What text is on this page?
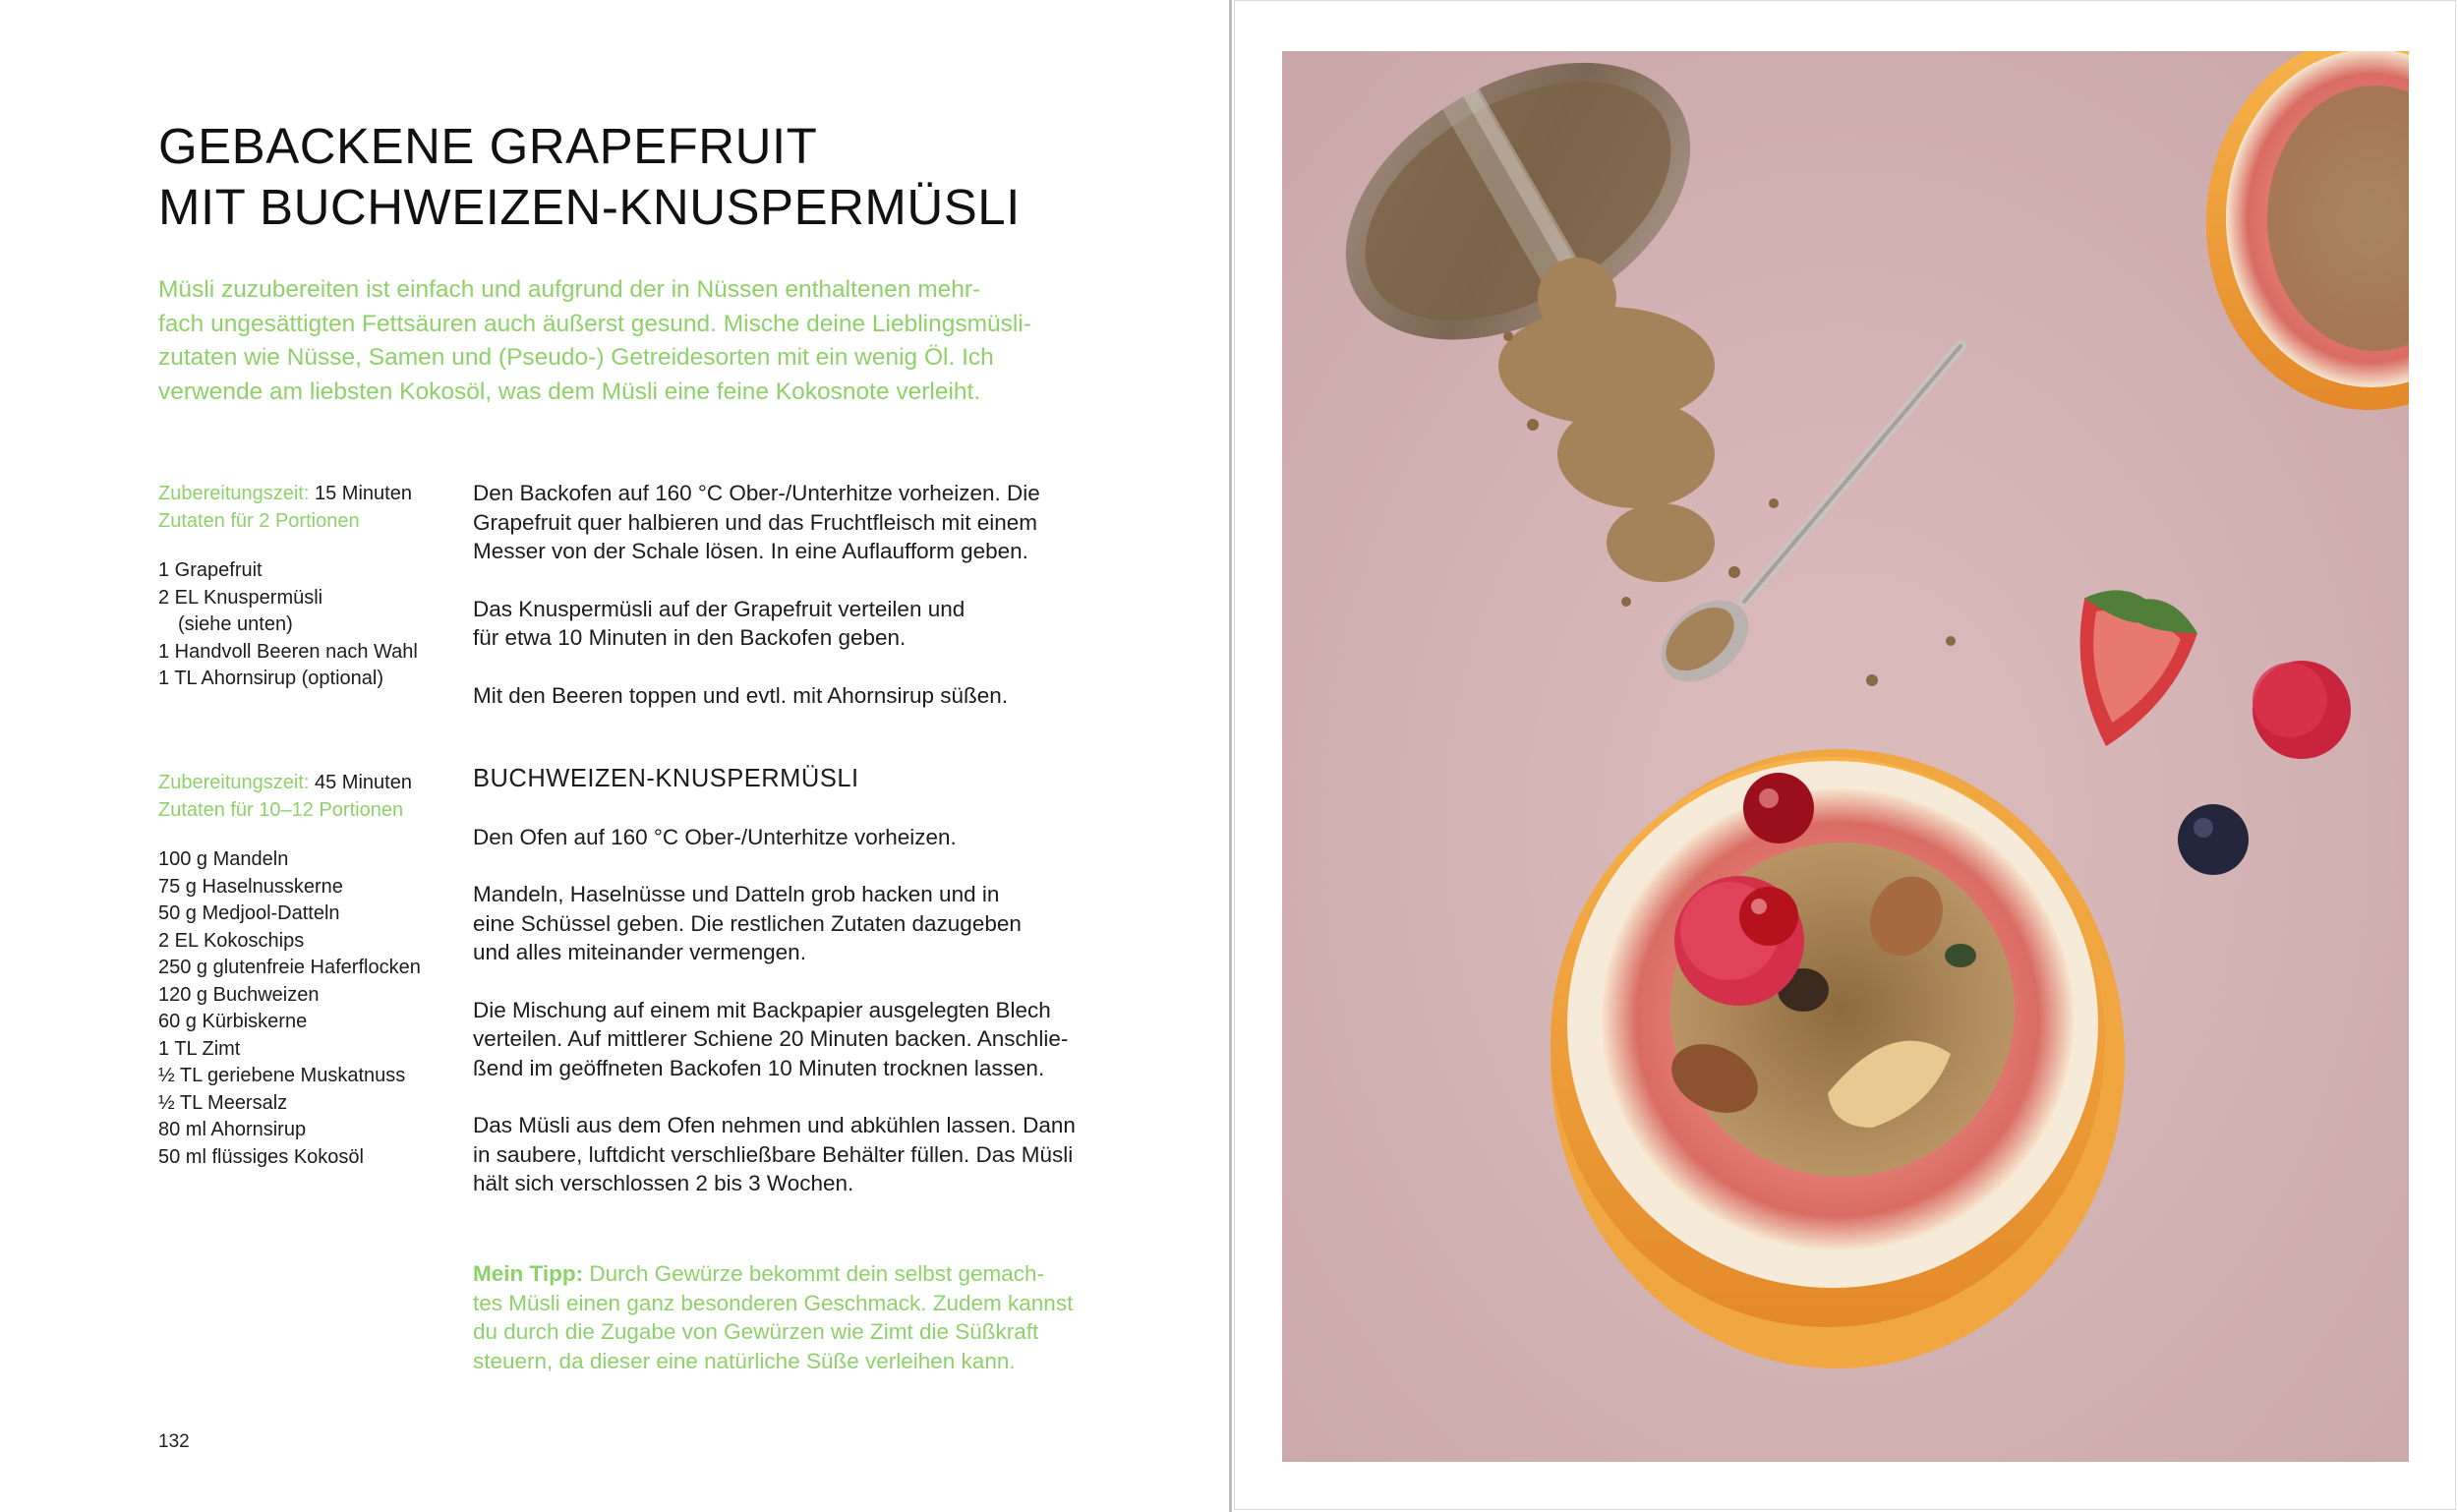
GEBACKENE GRAPEFRUIT
MIT BUCHWEIZEN-KNUSPERMÜSLI
Müsli zuzubereiten ist einfach und aufgrund der in Nüssen enthaltenen mehr-
fach ungesättigten Fettsäuren auch äußerst gesund. Mische deine Lieblingsmüsli-
zutaten wie Nüsse, Samen und (Pseudo-) Getreidesorten mit ein wenig Öl. Ich
verwende am liebsten Kokosöl, was dem Müsli eine feine Kokosnote verleiht.
Zubereitungszeit: 15 Minuten
Zutaten für 2 Portionen
1 Grapefruit
2 EL Knuspermüsli
(siehe unten)
1 Handvoll Beeren nach Wahl
1 TL Ahornsirup (optional)
Den Backofen auf 160 °C Ober-/Unterhitze vorheizen. Die
Grapefruit quer halbieren und das Fruchtfleisch mit einem
Messer von der Schale lösen. In eine Auflaufform geben.
Das Knuspermüsli auf der Grapefruit verteilen und
für etwa 10 Minuten in den Backofen geben.
Mit den Beeren toppen und evtl. mit Ahornsirup süßen.
Zubereitungszeit: 45 Minuten
Zutaten für 10–12 Portionen
100 g Mandeln
75 g Haselnusskerne
50 g Medjool-Datteln
2 EL Kokoschips
250 g glutenfreie Haferflocken
120 g Buchweizen
60 g Kürbiskerne
1 TL Zimt
½ TL geriebene Muskatnuss
½ TL Meersalz
80 ml Ahornsirup
50 ml flüssiges Kokosöl
BUCHWEIZEN-KNUSPERMÜSLI
Den Ofen auf 160 °C Ober-/Unterhitze vorheizen.
Mandeln, Haselnüsse und Datteln grob hacken und in
eine Schüssel geben. Die restlichen Zutaten dazugeben
und alles miteinander vermengen.
Die Mischung auf einem mit Backpapier ausgelegten Blech
verteilen. Auf mittlerer Schiene 20 Minuten backen. Anschlie-
ßend im geöffneten Backofen 10 Minuten trocknen lassen.
Das Müsli aus dem Ofen nehmen und abkühlen lassen. Dann
in saubere, luftdicht verschließbare Behälter füllen. Das Müsli
hält sich verschlossen 2 bis 3 Wochen.
Mein Tipp: Durch Gewürze bekommt dein selbst gemach-
tes Müsli einen ganz besonderen Geschmack. Zudem kannst
du durch die Zugabe von Gewürzen wie Zimt die Süßkraft
steuern, da dieser eine natürliche Süße verleihen kann.
132
